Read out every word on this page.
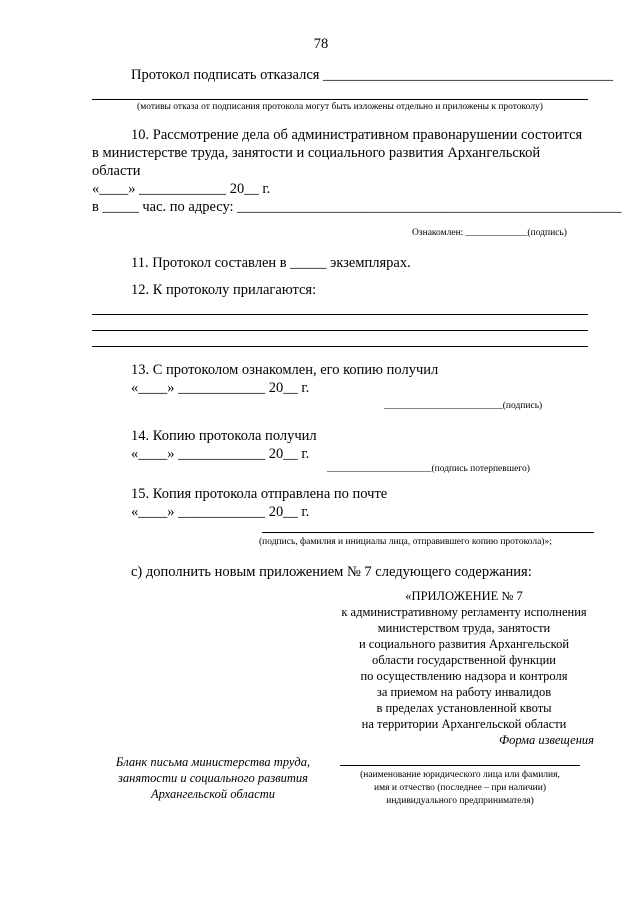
78
Протокол подписать отказался ________________________________________
(мотивы отказа от подписания протокола могут быть изложены отдельно и приложены к протоколу)
10. Рассмотрение дела об административном правонарушении состоится
в министерстве труда, занятости и социального развития Архангельской
области
«____» ____________ 20__ г.
в _____ час. по адресу: _____________________________________________________
Ознакомлен: _____________(подпись)
11. Протокол составлен в _____ экземплярах.
12. К протоколу прилагаются:
13. С протоколом ознакомлен, его копию получил
«____» ____________ 20__ г.
_________________________(подпись)
14. Копию протокола получил
«____» ____________ 20__ г.
______________________(подпись потерпевшего)
15. Копия протокола отправлена по почте
«____» ____________ 20__ г.
(подпись, фамилия и инициалы лица, отправившего копию протокола)»;
с) дополнить новым приложением № 7 следующего содержания:
«ПРИЛОЖЕНИЕ № 7
к административному регламенту исполнения
министерством труда, занятости
и социального развития Архангельской
области государственной функции
по осуществлению надзора и контроля
за приемом на работу инвалидов
в пределах установленной квоты
на территории Архангельской области
Форма извещения
Бланк письма министерства труда,
занятости и социального развития
Архангельской области
(наименование юридического лица или фамилия,
имя и отчество (последнее – при наличии)
индивидуального предпринимателя)
